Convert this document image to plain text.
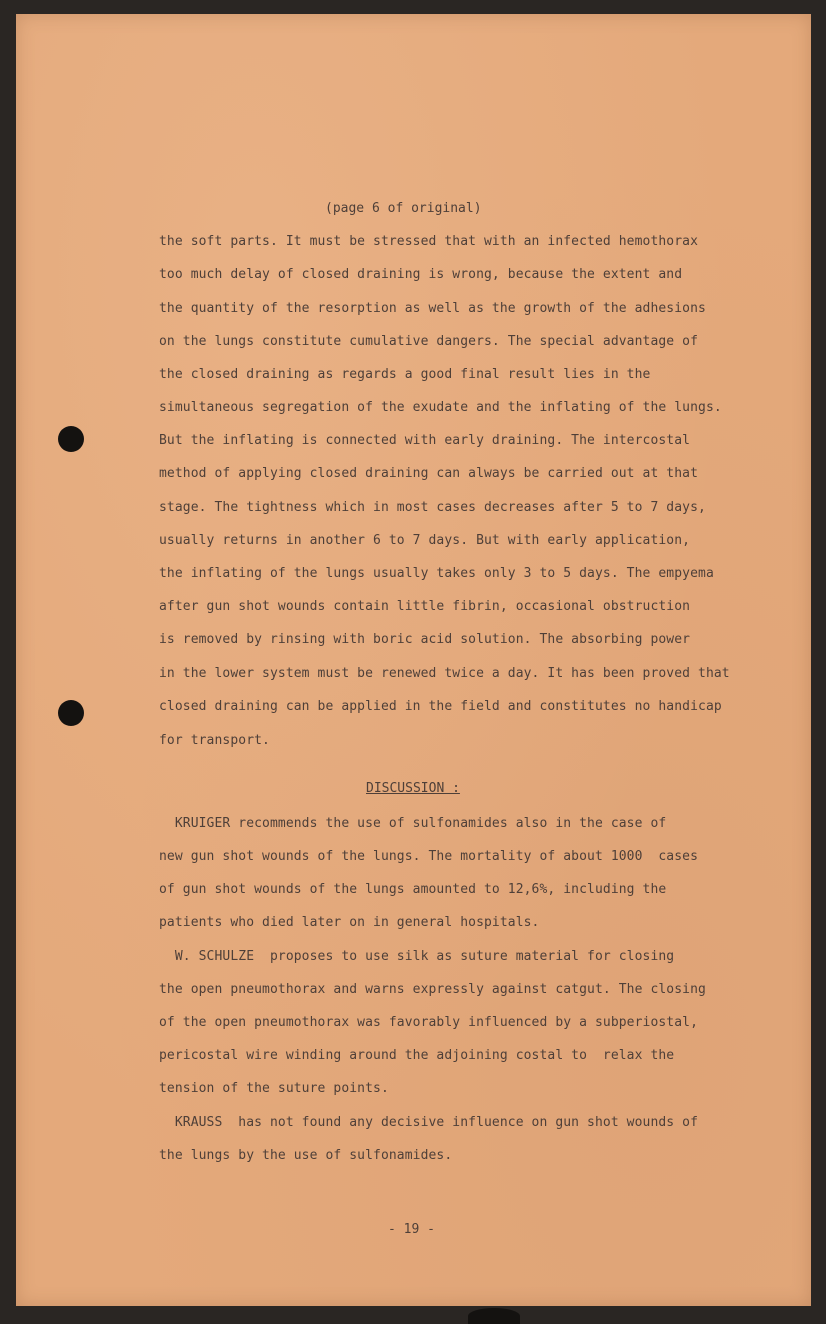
(page 6 of original)
the soft parts. It must be stressed that with an infected hemothorax
too much delay of closed draining is wrong, because the extent and
the quantity of the resorption as well as the growth of the adhesions
on the lungs constitute cumulative dangers. The special advantage of
the closed draining as regards a good final result lies in the
simultaneous segregation of the exudate and the inflating of the lungs.
But the inflating is connected with early draining. The intercostal
method of applying closed draining can always be carried out at that
stage. The tightness which in most cases decreases after 5 to 7 days,
usually returns in another 6 to 7 days. But with early application,
the inflating of the lungs usually takes only 3 to 5 days. The empyema
after gun shot wounds contain little fibrin, occasional obstruction
is removed by rinsing with boric acid solution. The absorbing power
in the lower system must be renewed twice a day. It has been proved that
closed draining can be applied in the field and constitutes no handicap
for transport.
DISCUSSION :
KRUIGER recommends the use of sulfonamides also in the case of
new gun shot wounds of the lungs. The mortality of about 1000  cases
of gun shot wounds of the lungs amounted to 12,6%, including the
patients who died later on in general hospitals.
W. SCHULZE  proposes to use silk as suture material for closing
the open pneumothorax and warns expressly against catgut. The closing
of the open pneumothorax was favorably influenced by a subperiostal,
pericostal wire winding around the adjoining costal to  relax the
tension of the suture points.
KRAUSS  has not found any decisive influence on gun shot wounds of
the lungs by the use of sulfonamides.
- 19 -
